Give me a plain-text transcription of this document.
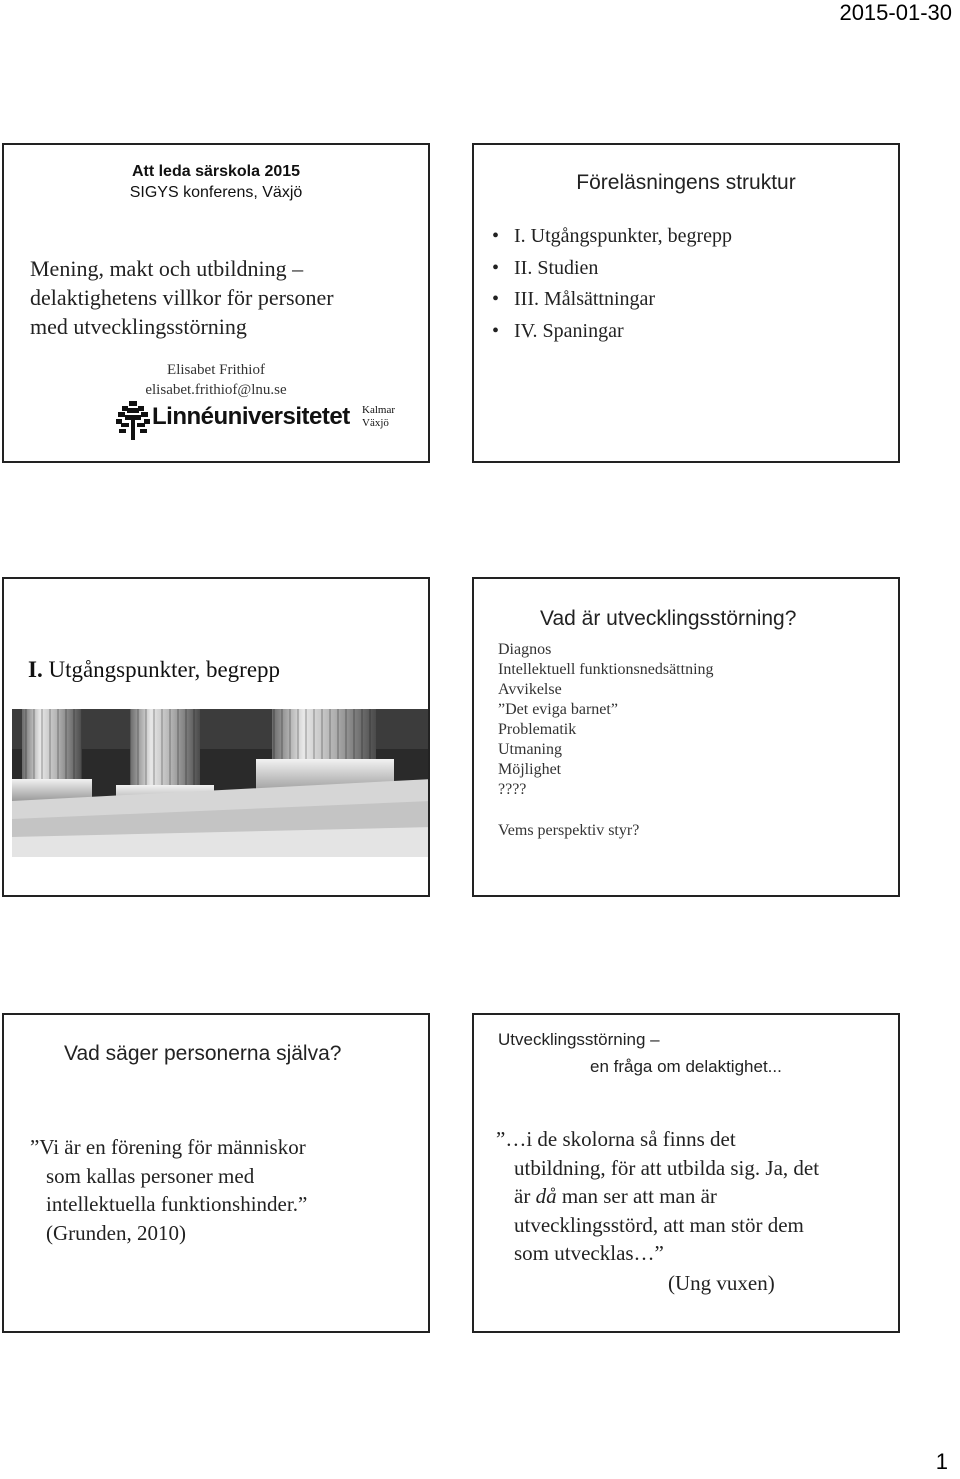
2015-01-30
Att leda särskola 2015
SIGYS konferens, Växjö
Mening, makt och utbildning –
delaktighetens villkor för personer
med utvecklingsstörning
Elisabet Frithiof
elisabet.frithiof@lnu.se
Linnéuniversitetet Kalmar
Växjö
Föreläsningens struktur
• I. Utgångspunkter, begrepp
• II. Studien
• III. Målsättningar
• IV. Spaningar
I. Utgångspunkter, begrepp
Vad är utvecklingsstörning?
Diagnos
Intellektuell funktionsnedsättning
Avvikelse
”Det eviga barnet”
Problematik
Utmaning
Möjlighet
????
Vems perspektiv styr?
Vad säger personerna själva?
”Vi är en förening för människor
som kallas personer med
intellektuella funktionshinder.”
(Grunden, 2010)
Utvecklingsstörning –
en fråga om delaktighet...
”…i de skolorna så finns det
utbildning, för att utbilda sig. Ja, det
är då man ser att man är
utvecklingsstörd, att man stör dem
som utvecklas…”
(Ung vuxen)
1
